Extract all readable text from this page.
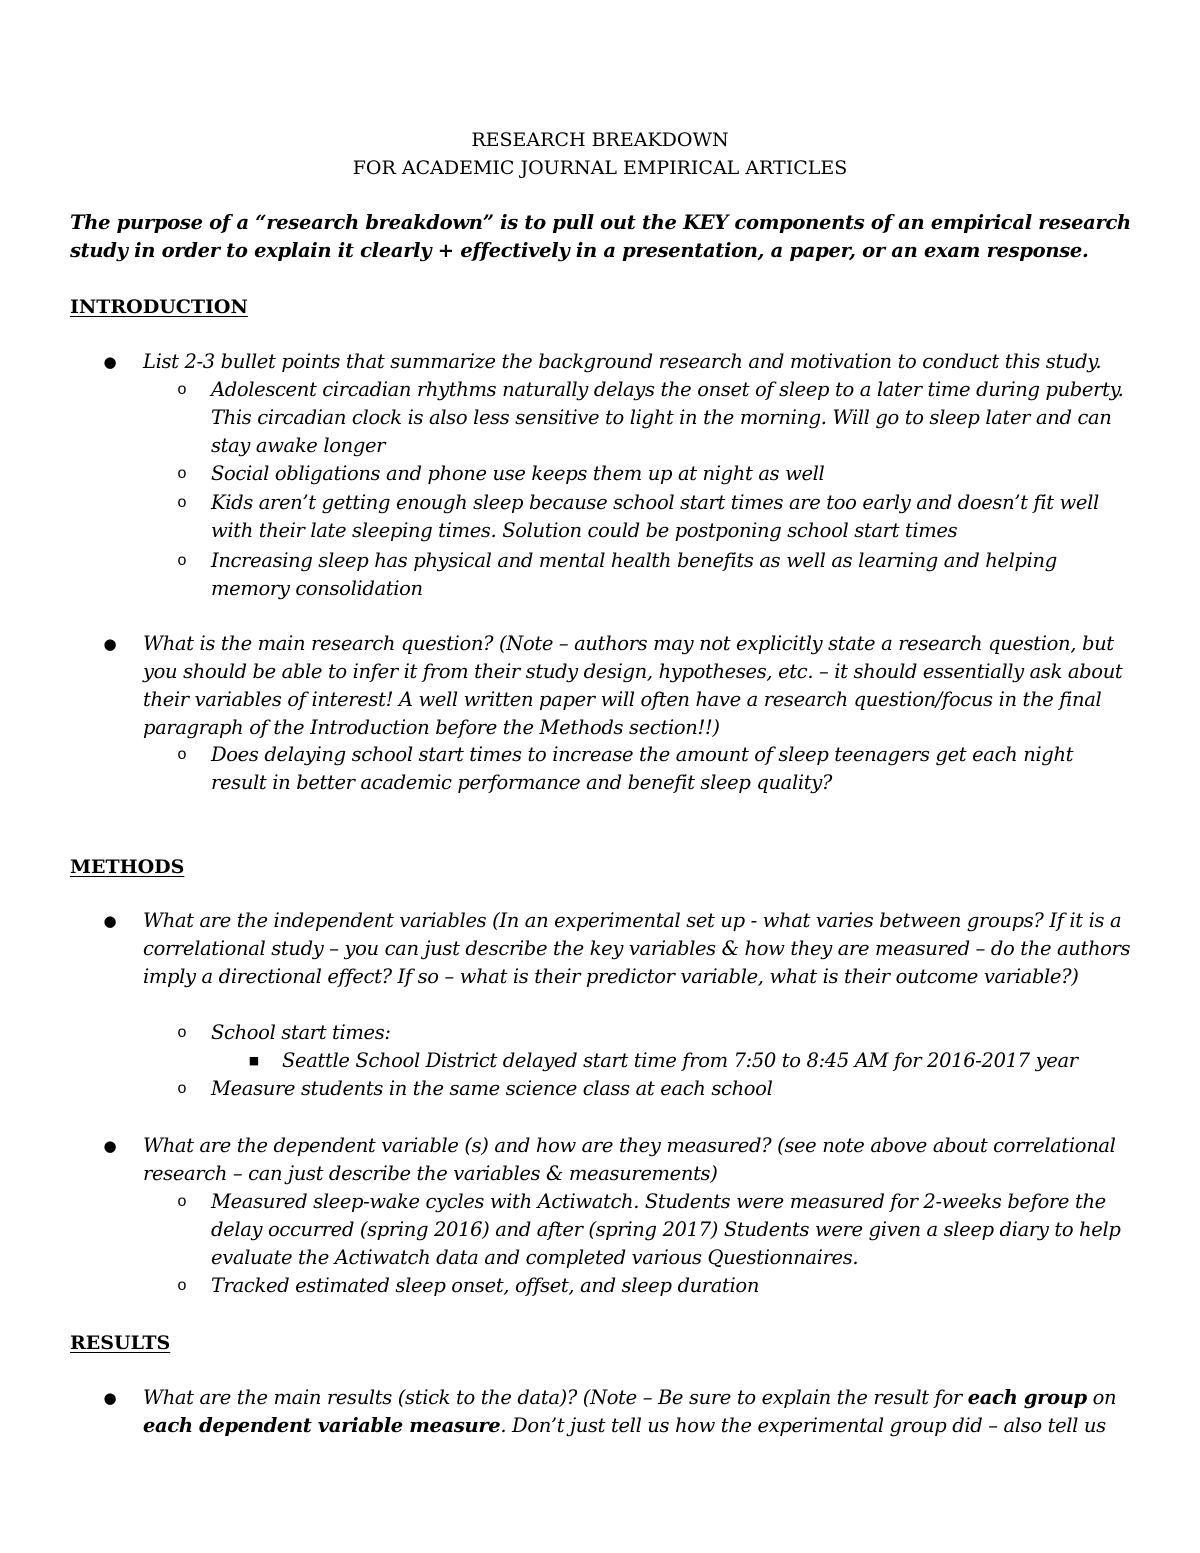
RESEARCH BREAKDOWN
FOR ACADEMIC JOURNAL EMPIRICAL ARTICLES
The purpose of a “research breakdown” is to pull out the KEY components of an empirical research study in order to explain it clearly + effectively in a presentation, a paper, or an exam response.
INTRODUCTION
● List 2-3 bullet points that summarize the background research and motivation to conduct this study.
o Adolescent circadian rhythms naturally delays the onset of sleep to a later time during puberty. This circadian clock is also less sensitive to light in the morning. Will go to sleep later and can stay awake longer
o Social obligations and phone use keeps them up at night as well
o Kids aren’t getting enough sleep because school start times are too early and doesn’t fit well with their late sleeping times. Solution could be postponing school start times
o Increasing sleep has physical and mental health benefits as well as learning and helping memory consolidation
● What is the main research question? (Note – authors may not explicitly state a research question, but you should be able to infer it from their study design, hypotheses, etc. – it should essentially ask about their variables of interest! A well written paper will often have a research question/focus in the final paragraph of the Introduction before the Methods section!!)
o Does delaying school start times to increase the amount of sleep teenagers get each night result in better academic performance and benefit sleep quality?
METHODS
● What are the independent variables (In an experimental set up - what varies between groups? If it is a correlational study – you can just describe the key variables & how they are measured – do the authors imply a directional effect? If so – what is their predictor variable, what is their outcome variable?)
o School start times:
■ Seattle School District delayed start time from 7:50 to 8:45 AM for 2016-2017 year
o Measure students in the same science class at each school
● What are the dependent variable (s) and how are they measured? (see note above about correlational research – can just describe the variables & measurements)
o Measured sleep-wake cycles with Actiwatch. Students were measured for 2-weeks before the delay occurred (spring 2016) and after (spring 2017) Students were given a sleep diary to help evaluate the Actiwatch data and completed various Questionnaires.
o Tracked estimated sleep onset, offset, and sleep duration
RESULTS
● What are the main results (stick to the data)? (Note – Be sure to explain the result for each group on each dependent variable measure. Don’t just tell us how the experimental group did – also tell us
